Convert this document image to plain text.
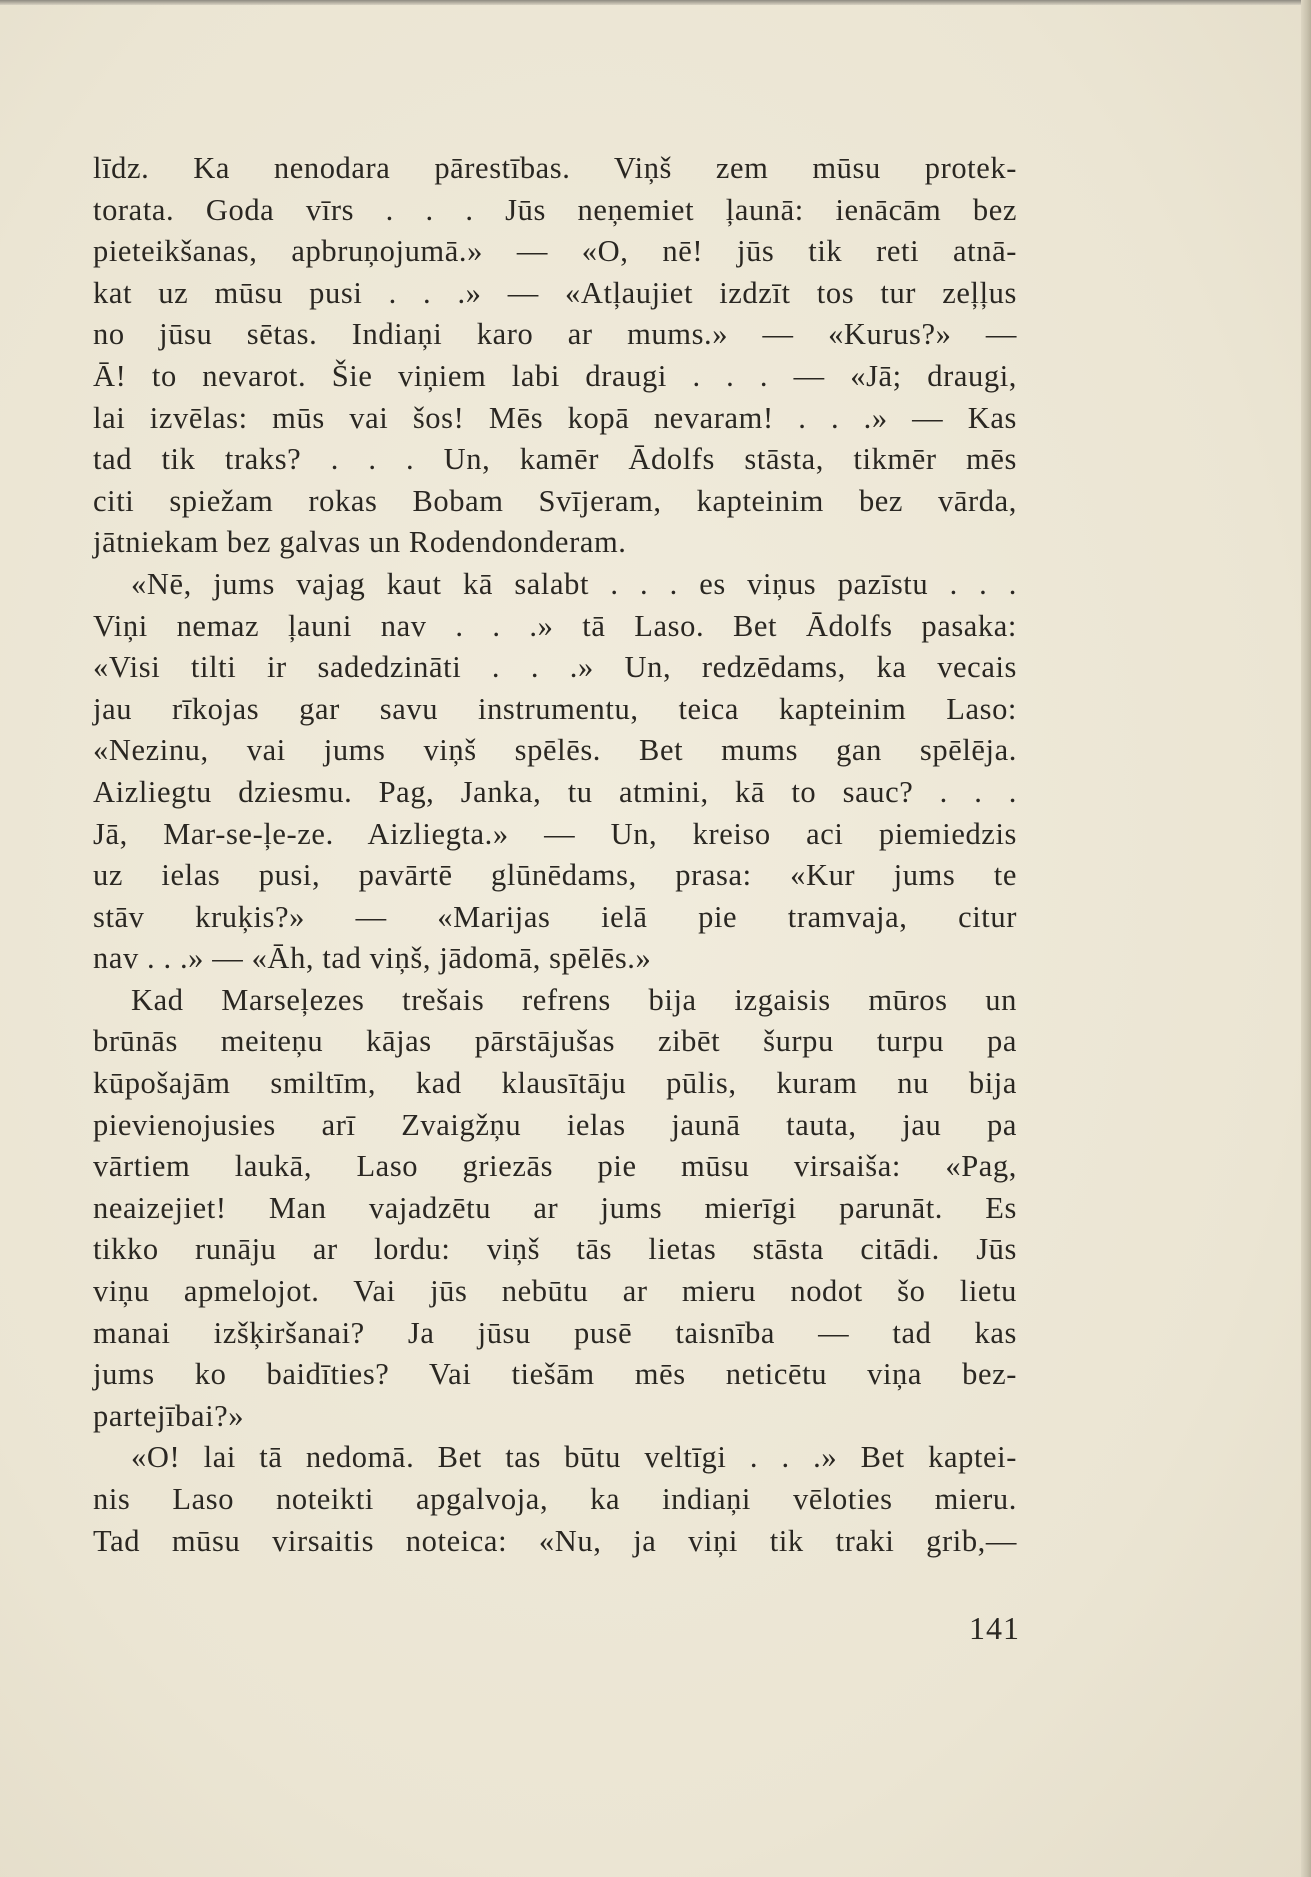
līdz. Ka nenodara pārestības. Viņš zem mūsu protek-
torata. Goda vīrs . . . Jūs neņemiet ļaunā: ienācām bez
pieteikšanas, apbruņojumā.» — «O, nē! jūs tik reti atnā-
kat uz mūsu pusi . . .» — «Atļaujiet izdzīt tos tur zeļļus
no jūsu sētas. Indiaņi karo ar mums.» — «Kurus?» —
Ā! to nevarot. Šie viņiem labi draugi . . . — «Jā; draugi,
lai izvēlas: mūs vai šos! Mēs kopā nevaram! . . .» — Kas
tad tik traks? . . . Un, kamēr Ādolfs stāsta, tikmēr mēs
citi spiežam rokas Bobam Svījeram, kapteinim bez vārda,
jātniekam bez galvas un Rodendonderam.
«Nē, jums vajag kaut kā salabt . . . es viņus pazīstu . . .
Viņi nemaz ļauni nav . . .» tā Laso. Bet Ādolfs pasaka:
«Visi tilti ir sadedzināti . . .» Un, redzēdams, ka vecais
jau rīkojas gar savu instrumentu, teica kapteinim Laso:
«Nezinu, vai jums viņš spēlēs. Bet mums gan spēlēja.
Aizliegtu dziesmu. Pag, Janka, tu atmini, kā to sauc? . . .
Jā, Mar-se-ļe-ze. Aizliegta.» — Un, kreiso aci piemiedzis
uz ielas pusi, pavārtē glūnēdams, prasa: «Kur jums te
stāv kruķis?» — «Marijas ielā pie tramvaja, citur
nav . . .» — «Āh, tad viņš, jādomā, spēlēs.»
Kad Marseļezes trešais refrens bija izgaisis mūros un
brūnās meiteņu kājas pārstājušas zibēt šurpu turpu pa
kūpošajām smiltīm, kad klausītāju pūlis, kuram nu bija
pievienojusies arī Zvaigžņu ielas jaunā tauta, jau pa
vārtiem laukā, Laso griezās pie mūsu virsaiša: «Pag,
neaizejiet! Man vajadzētu ar jums mierīgi parunāt. Es
tikko runāju ar lordu: viņš tās lietas stāsta citādi. Jūs
viņu apmelojot. Vai jūs nebūtu ar mieru nodot šo lietu
manai izšķiršanai? Ja jūsu pusē taisnība — tad kas
jums ko baidīties? Vai tiešām mēs neticētu viņa bez-
partejībai?»
«O! lai tā nedomā. Bet tas būtu veltīgi . . .» Bet kaptei-
nis Laso noteikti apgalvoja, ka indiaņi vēloties mieru.
Tad mūsu virsaitis noteica: «Nu, ja viņi tik traki grib,—
141
